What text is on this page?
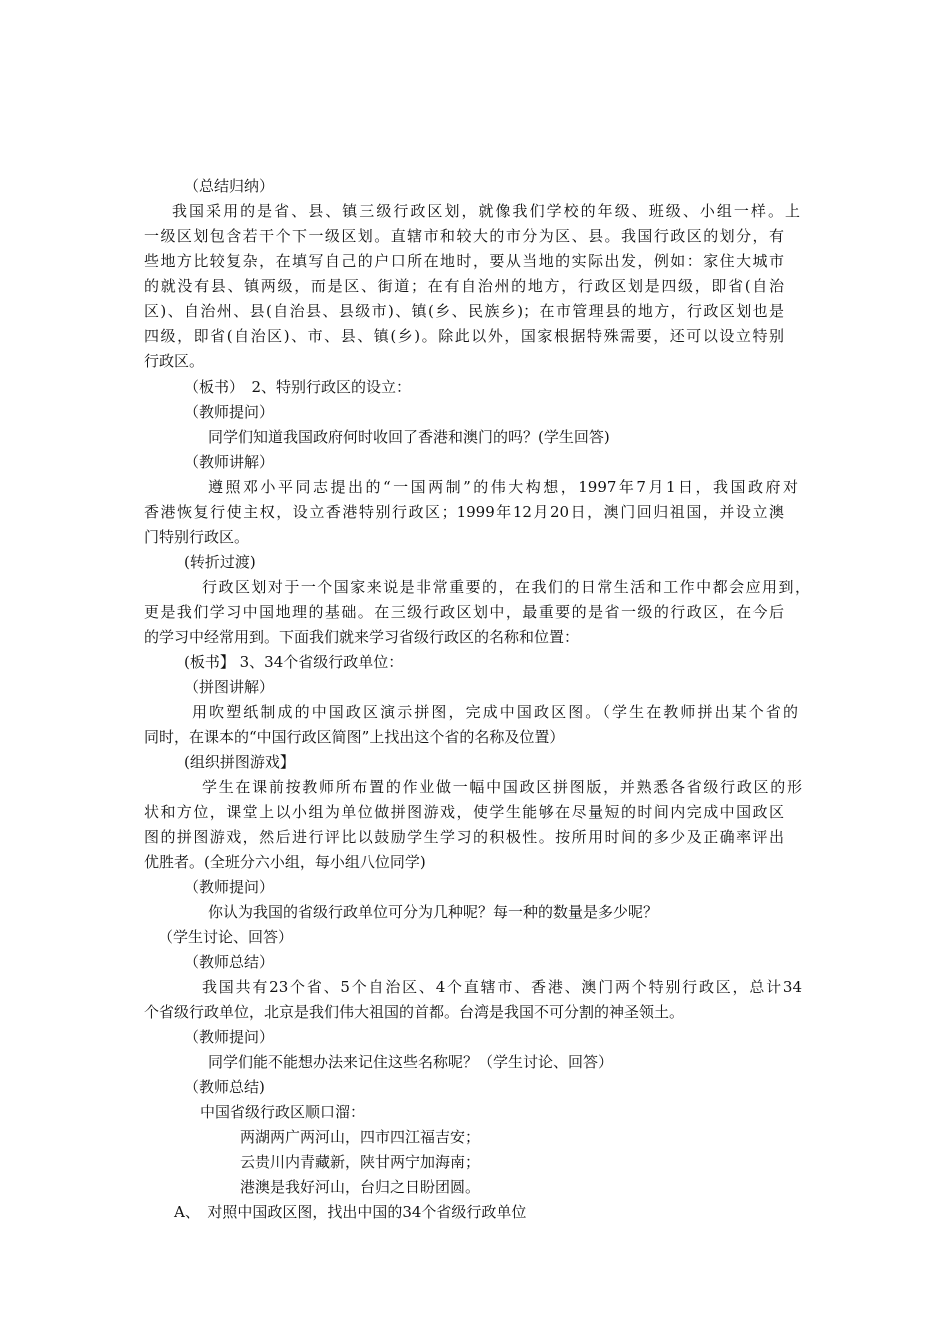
（总结归纳）

我国采用的是省、县、镇三级行政区划，就像我们学校的年级、班级、小组一样。上

一级区划包含若干个下一级区划。直辖市和较大的市分为区、县。我国行政区的划分，有

些地方比较复杂，在填写自己的户口所在地时，要从当地的实际出发，例如：家住大城市

的就没有县、镇两级，而是区、街道；在有自治州的地方，行政区划是四级，即省(自治

区)、自治州、县(自治县、县级市)、镇(乡、民族乡)；在市管理县的地方，行政区划也是

四级，即省(自治区)、市、县、镇(乡)。除此以外，国家根据特殊需要，还可以设立特别

行政区。

（板书）　2、特别行政区的设立：

（教师提问）

同学们知道我国政府何时收回了香港和澳门的吗？(学生回答)

（教师讲解）

遵照邓小平同志提出的“一国两制”的伟大构想，1997年7月1日，我国政府对

香港恢复行使主权，设立香港特别行政区；1999年12月20日，澳门回归祖国，并设立澳

门特别行政区。

(转折过渡)

行政区划对于一个国家来说是非常重要的，在我们的日常生活和工作中都会应用到，

更是我们学习中国地理的基础。在三级行政区划中，最重要的是省一级的行政区，在今后

的学习中经常用到。下面我们就来学习省级行政区的名称和位置：

(板书】 3、34个省级行政单位：

（拼图讲解）

用吹塑纸制成的中国政区演示拼图，完成中国政区图。（学生在教师拼出某个省的

同时，在课本的“中国行政区简图”上找出这个省的名称及位置）

(组织拼图游戏】

学生在课前按教师所布置的作业做一幅中国政区拼图版，并熟悉各省级行政区的形

状和方位，课堂上以小组为单位做拼图游戏，使学生能够在尽量短的时间内完成中国政区

图的拼图游戏，然后进行评比以鼓励学生学习的积极性。按所用时间的多少及正确率评出

优胜者。(全班分六小组，每小组八位同学)

（教师提问）

你认为我国的省级行政单位可分为几种呢？每一种的数量是多少呢？

（学生讨论、回答）

（教师总结）

我国共有23个省、5个自治区、4个直辖市、香港、澳门两个特别行政区，总计34

个省级行政单位，北京是我们伟大祖国的首都。台湾是我国不可分割的神圣领土。

（教师提问）

同学们能不能想办法来记住这些名称呢？（学生讨论、回答）

（教师总结)

中国省级行政区顺口溜：

两湖两广两河山，四市四江福吉安；

云贵川内青藏新，陕甘两宁加海南；

港澳是我好河山，台归之日盼团圆。

A、　对照中国政区图，找出中国的34个省级行政单位
